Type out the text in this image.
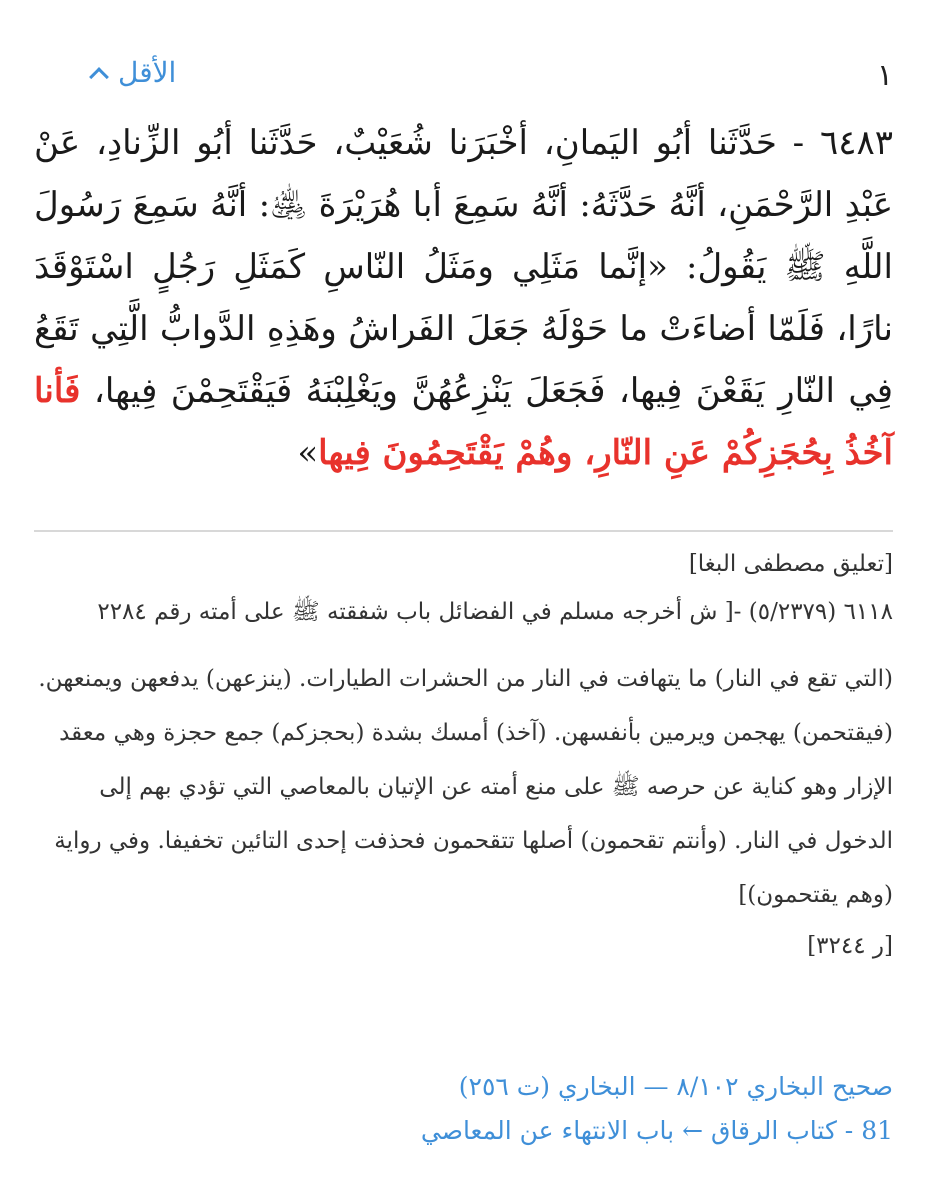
الأقل	١
٦٤٨٣ - حَدَّثَنا أبُو اليَمانِ، أخْبَرَنا شُعَيْبٌ، حَدَّثَنا أبُو الزِّنادِ، عَنْ عَبْدِ الرَّحْمَنِ، أنَّهُ حَدَّثَهُ: أنَّهُ سَمِعَ أبا هُرَيْرَةَ ﵁: أنَّهُ سَمِعَ رَسُولَ اللَّهِ ﷺ يَقُولُ: «إنَّما مَثَلِي ومَثَلُ النّاسِ كَمَثَلِ رَجُلٍ اسْتَوْقَدَ نارًا، فَلَمّا أضاءَتْ ما حَوْلَهُ جَعَلَ الفَراشُ وهَذِهِ الدَّوابُّ الَّتِي تَقَعُ فِي النّارِ يَقَعْنَ فِيها، فَجَعَلَ يَنْزِعُهُنَّ ويَغْلِبْنَهُ فَيَقْتَحِمْنَ فِيها، فَأنا آخُذُ بِحُجَزِكُمْ عَنِ النّارِ، وهُمْ يَقْتَحِمُونَ فِيها»

[تعليق مصطفى البغا]

٦١١٨ (٥/٢٣٧٩) -[ ش أخرجه مسلم في الفضائل باب شفقته ﷺ على أمته رقم ٢٢٨٤

(التي تقع في النار) ما يتهافت في النار من الحشرات الطيارات. (ينزعهن) يدفعهن ويمنعهن. (فيقتحمن) يهجمن ويرمين بأنفسهن. (آخذ) أمسك بشدة (بحجزكم) جمع حجزة وهي معقد الإزار وهو كناية عن حرصه ﷺ على منع أمته عن الإتيان بالمعاصي التي تؤدي بهم إلى الدخول في النار. (وأنتم تقحمون) أصلها تتقحمون فحذفت إحدى التائين تخفيفا. وفي رواية (وهم يقتحمون)]

[ر ٣٢٤٤]

صحيح البخاري ٨/١٠٢ — البخاري (ت ٢٥٦)
81 - كتاب الرقاق ← باب الانتهاء عن المعاصي
